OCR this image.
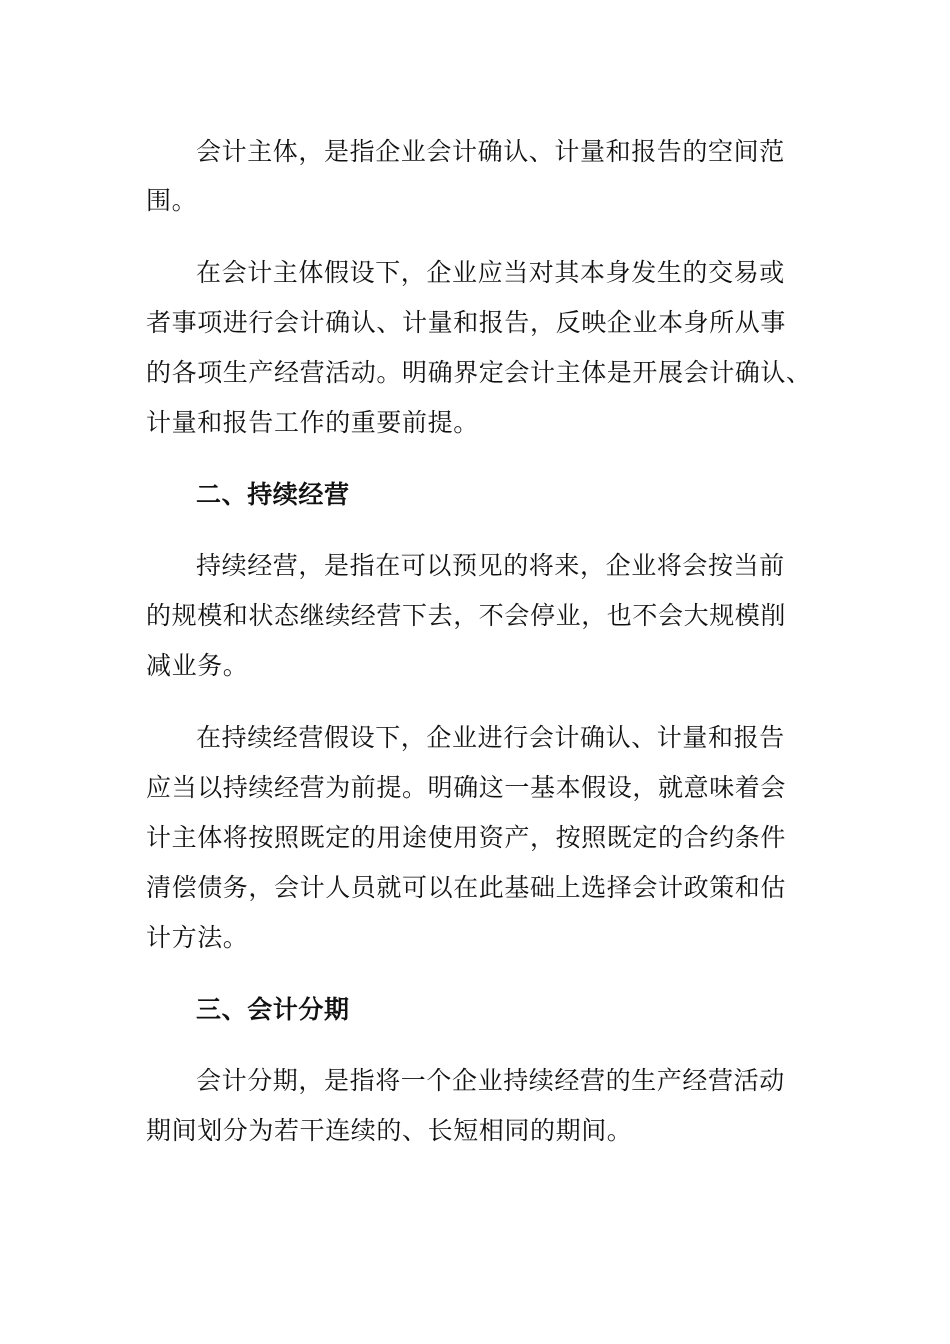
会计主体，是指企业会计确认、计量和报告的空间范
围。
在会计主体假设下，企业应当对其本身发生的交易或
者事项进行会计确认、计量和报告，反映企业本身所从事
的各项生产经营活动。明确界定会计主体是开展会计确认、
计量和报告工作的重要前提。
二、持续经营
持续经营，是指在可以预见的将来，企业将会按当前
的规模和状态继续经营下去，不会停业，也不会大规模削
减业务。
在持续经营假设下，企业进行会计确认、计量和报告
应当以持续经营为前提。明确这一基本假设，就意味着会
计主体将按照既定的用途使用资产，按照既定的合约条件
清偿债务，会计人员就可以在此基础上选择会计政策和估
计方法。
三、会计分期
会计分期，是指将一个企业持续经营的生产经营活动
期间划分为若干连续的、长短相同的期间。
